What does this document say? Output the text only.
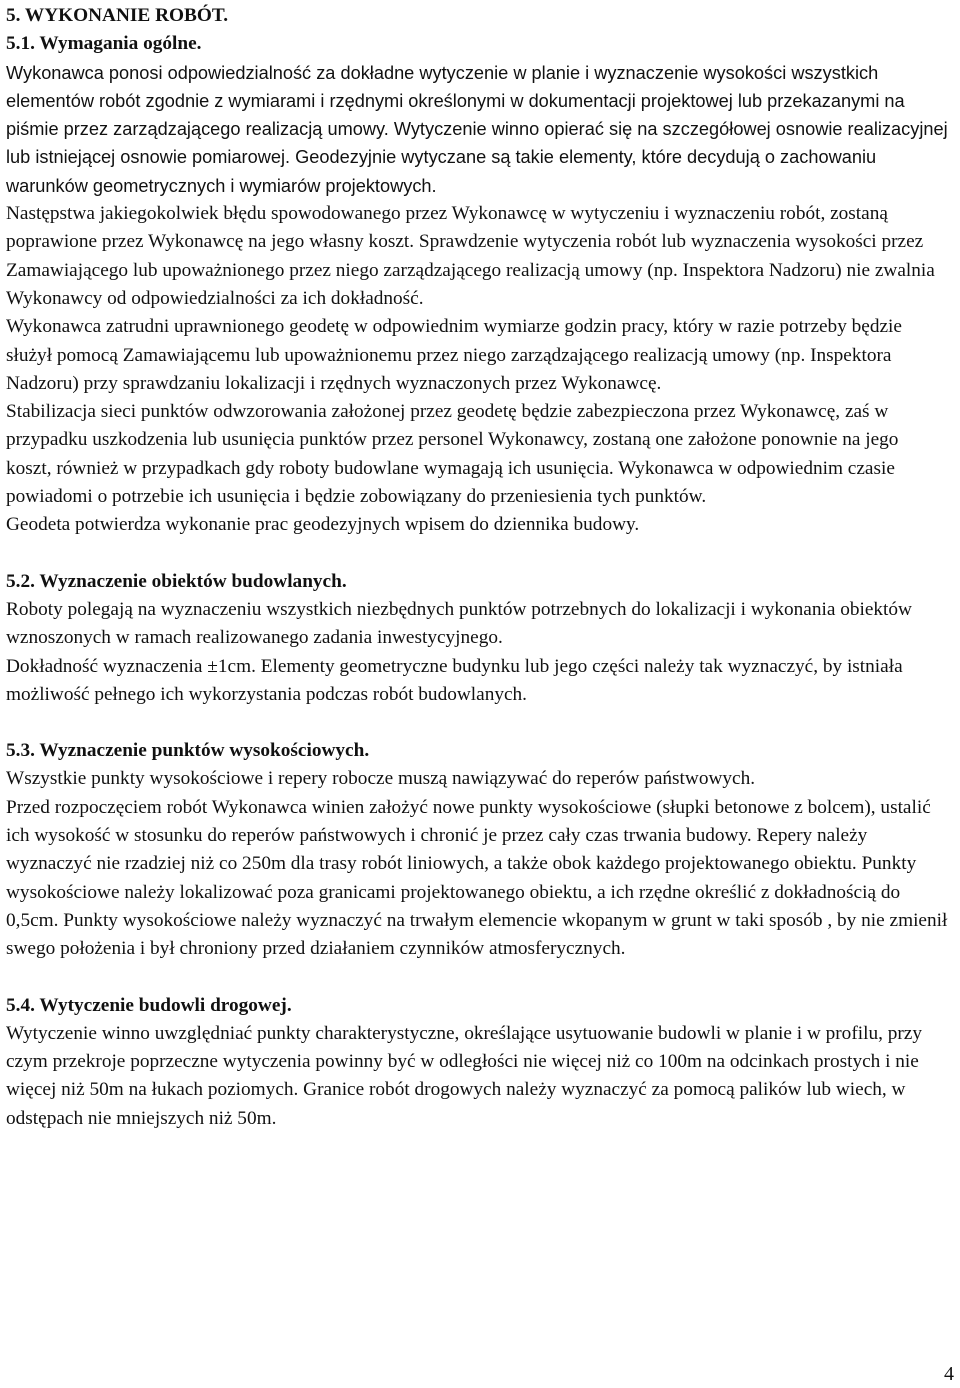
5. WYKONANIE ROBÓT.

5.1. Wymagania ogólne.

Wykonawca ponosi odpowiedzialność za dokładne wytyczenie w planie i wyznaczenie wysokości wszystkich elementów robót zgodnie z wymiarami i rzędnymi określonymi w dokumentacji projektowej lub przekazanymi na piśmie przez zarządzającego realizacją umowy. Wytyczenie winno opierać się na szczegółowej osnowie realizacyjnej lub istniejącej osnowie pomiarowej. Geodezyjnie wytyczane są takie elementy, które decydują o zachowaniu warunków geometrycznych i wymiarów projektowych.

Następstwa jakiegokolwiek błędu spowodowanego przez Wykonawcę w wytyczeniu i wyznaczeniu robót, zostaną poprawione przez Wykonawcę na jego własny koszt. Sprawdzenie wytyczenia robót lub wyznaczenia wysokości przez Zamawiającego lub upoważnionego przez niego zarządzającego realizacją umowy (np. Inspektora Nadzoru) nie zwalnia Wykonawcy od odpowiedzialności za ich dokładność.

Wykonawca zatrudni uprawnionego geodetę w odpowiednim wymiarze godzin pracy, który w razie potrzeby będzie służył pomocą Zamawiającemu lub upoważnionemu przez niego zarządzającego realizacją umowy (np. Inspektora Nadzoru) przy sprawdzaniu lokalizacji i rzędnych wyznaczonych przez Wykonawcę.

Stabilizacja sieci punktów odwzorowania założonej przez geodetę będzie zabezpieczona przez Wykonawcę, zaś w przypadku uszkodzenia lub usunięcia punktów przez personel Wykonawcy, zostaną one założone ponownie na jego koszt, również w przypadkach gdy roboty budowlane wymagają ich usunięcia. Wykonawca w odpowiednim czasie powiadomi o potrzebie ich usunięcia i będzie zobowiązany do przeniesienia tych punktów.

Geodeta potwierdza wykonanie prac geodezyjnych wpisem do dziennika budowy.

5.2. Wyznaczenie obiektów budowlanych.

Roboty polegają na wyznaczeniu wszystkich niezbędnych punktów potrzebnych do lokalizacji i wykonania obiektów wznoszonych w ramach realizowanego zadania inwestycyjnego.

Dokładność wyznaczenia ±1cm. Elementy geometryczne budynku lub jego części należy tak wyznaczyć, by istniała możliwość pełnego ich wykorzystania podczas robót budowlanych.

5.3. Wyznaczenie punktów wysokościowych.

Wszystkie punkty wysokościowe i repery robocze muszą nawiązywać do reperów państwowych.

Przed rozpoczęciem robót Wykonawca winien założyć nowe punkty wysokościowe (słupki betonowe z bolcem), ustalić ich wysokość w stosunku do reperów państwowych i chronić je przez cały czas trwania budowy. Repery należy wyznaczyć nie rzadziej niż co 250m dla trasy robót liniowych, a także obok każdego projektowanego obiektu. Punkty wysokościowe należy lokalizować poza granicami projektowanego obiektu, a ich rzędne określić z dokładnością do 0,5cm. Punkty wysokościowe należy wyznaczyć na trwałym elemencie wkopanym w grunt w taki sposób , by nie zmienił swego położenia i był chroniony przed działaniem czynników atmosferycznych.

5.4. Wytyczenie budowli drogowej.

Wytyczenie winno uwzględniać punkty charakterystyczne, określające usytuowanie budowli w planie i w profilu, przy czym przekroje poprzeczne wytyczenia powinny być w odległości nie więcej niż co 100m na odcinkach prostych i nie więcej niż 50m na łukach poziomych. Granice robót drogowych należy wyznaczyć za pomocą palików lub wiech, w odstępach nie mniejszych niż 50m.

4
